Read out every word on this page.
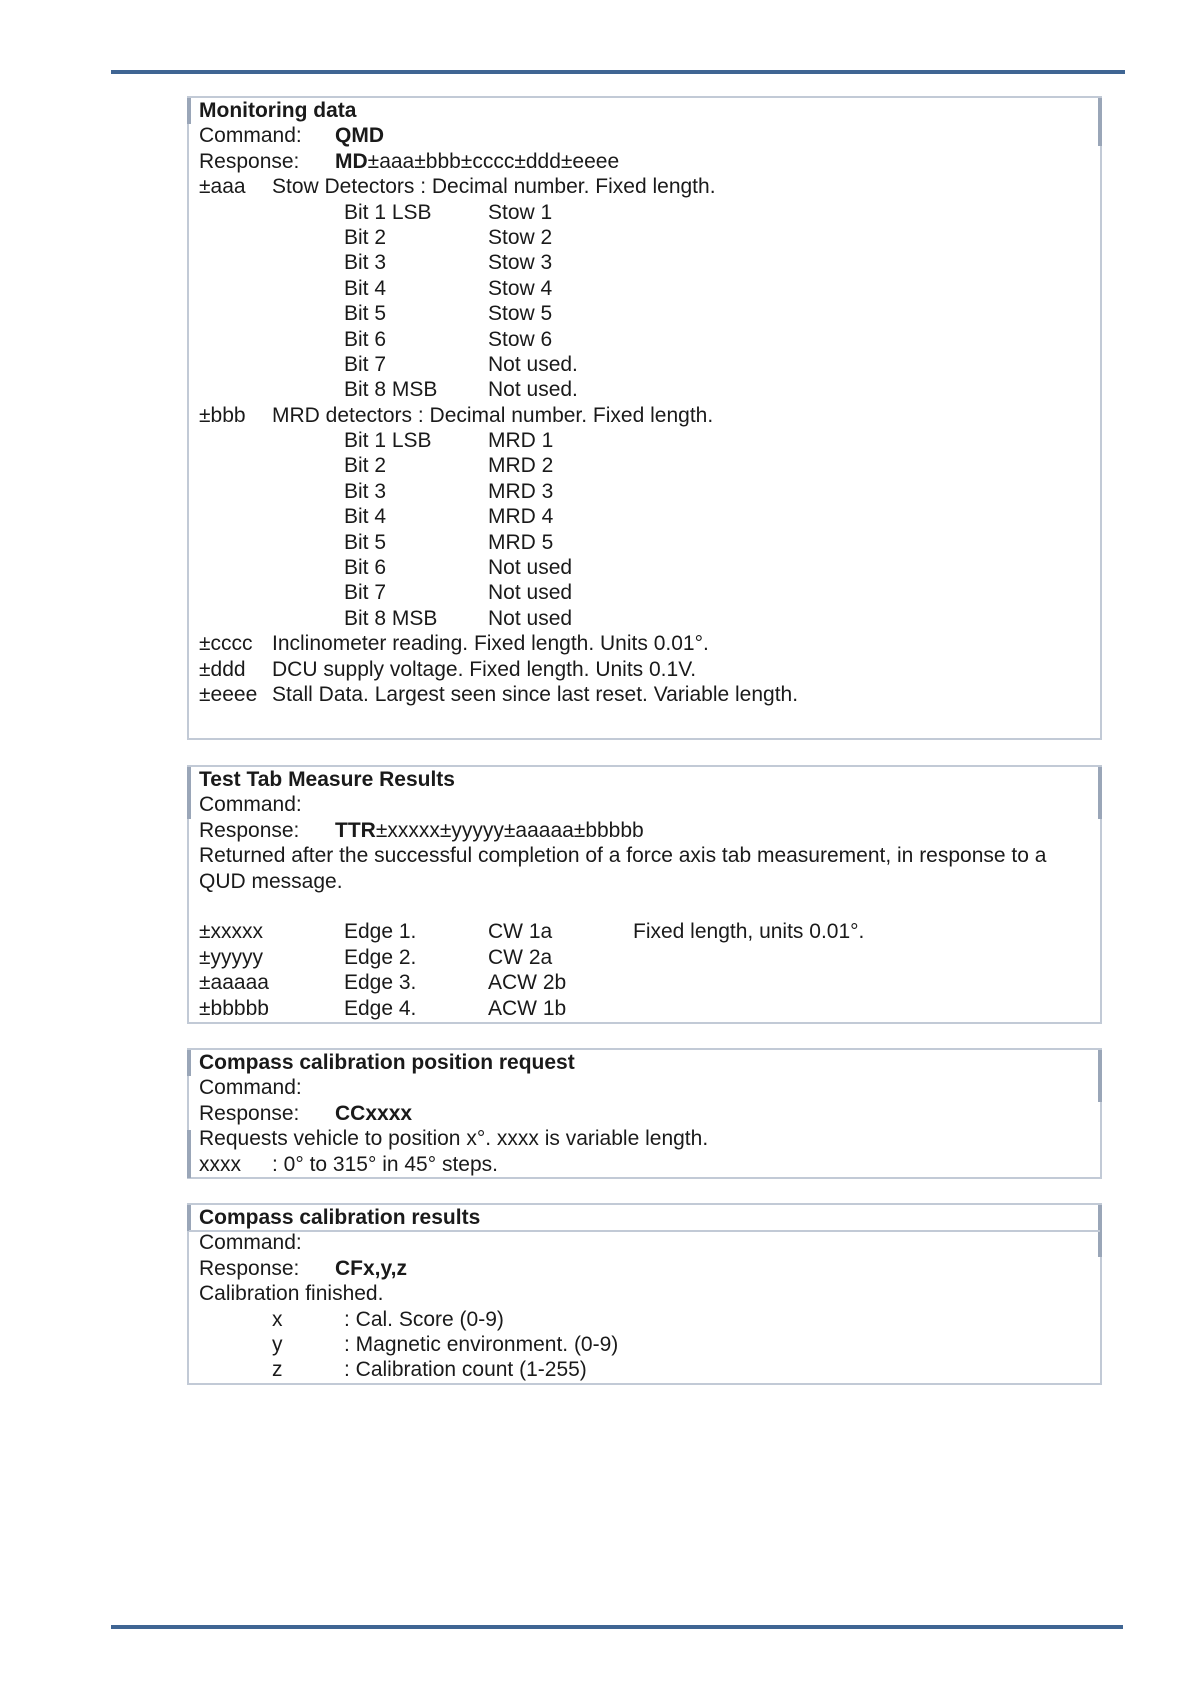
Monitoring data
Command: QMD
Response: MD±aaa±bbb±cccc±ddd±eeee
±aaa Stow Detectors : Decimal number. Fixed length.
Bit 1 LSB	Stow 1
Bit 2	Stow 2
Bit 3	Stow 3
Bit 4	Stow 4
Bit 5	Stow 5
Bit 6	Stow 6
Bit 7	Not used.
Bit 8 MSB Not used.
±bbb MRD detectors : Decimal number. Fixed length.
Bit 1 LSB	MRD 1
Bit 2	MRD 2
Bit 3	MRD 3
Bit 4	MRD 4
Bit 5	MRD 5
Bit 6	Not used
Bit 7	Not used
Bit 8 MSB Not used
±cccc Inclinometer reading. Fixed length. Units 0.01°.
±ddd DCU supply voltage. Fixed length. Units 0.1V.
±eeee Stall Data. Largest seen since last reset. Variable length.
Test Tab Measure Results
Command:
Response: TTR±xxxxx±yyyyy±aaaaa±bbbbb
Returned after the successful completion of a force axis tab measurement, in response to a QUD message.
±xxxxx	Edge 1.	CW 1a	Fixed length, units 0.01°.
±yyyyy	Edge 2.	CW 2a
±aaaaa	Edge 3.	ACW 2b
±bbbbb	Edge 4.	ACW 1b
Compass calibration position request
Command:
Response: CCxxxx
Requests vehicle to position x°. xxxx is variable length.
xxxx : 0° to 315° in 45° steps.
Compass calibration results
Command:
Response: CFx,y,z
Calibration finished.
x	: Cal. Score (0-9)
y	: Magnetic environment. (0-9)
z	: Calibration count (1-255)
